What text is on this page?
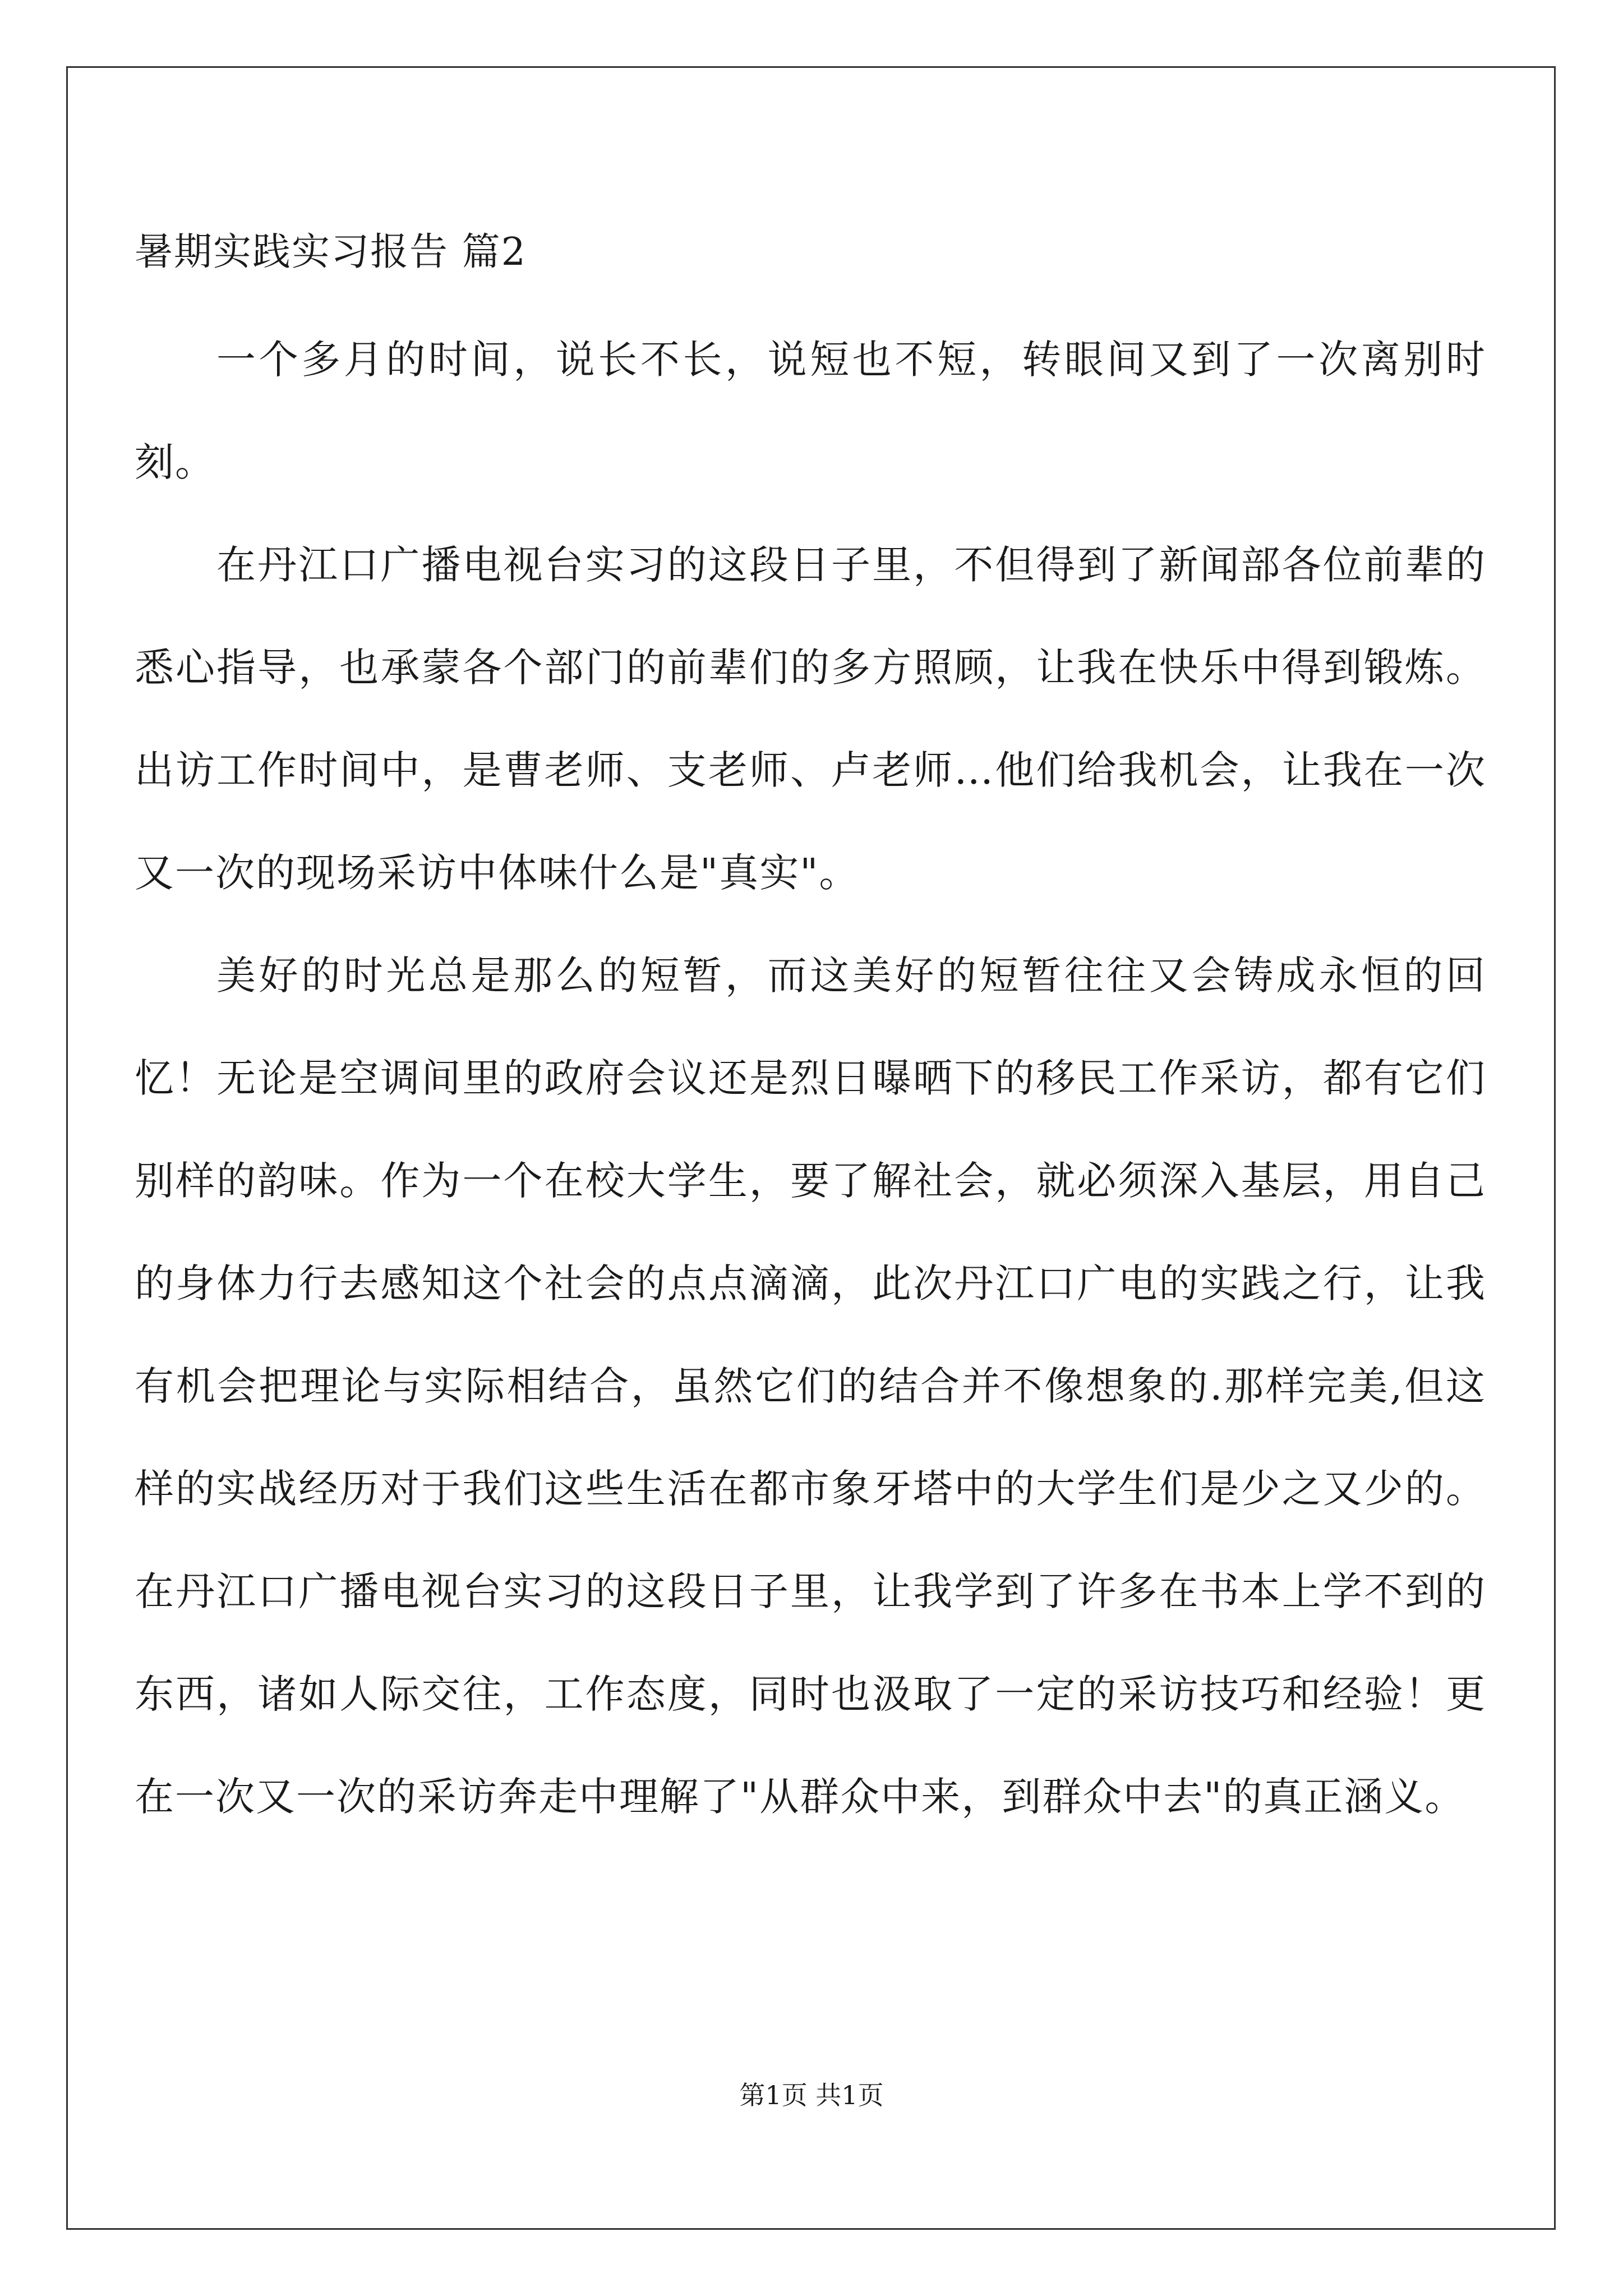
暑期实践实习报告 篇2

一个多月的时间，说长不长，说短也不短，转眼间又到了一次离别时刻。

在丹江口广播电视台实习的这段日子里，不但得到了新闻部各位前辈的悉心指导，也承蒙各个部门的前辈们的多方照顾，让我在快乐中得到锻炼。出访工作时间中，是曹老师、支老师、卢老师…他们给我机会，让我在一次又一次的现场采访中体味什么是"真实"。

美好的时光总是那么的短暂，而这美好的短暂往往又会铸成永恒的回忆！无论是空调间里的政府会议还是烈日曝晒下的移民工作采访，都有它们别样的韵味。作为一个在校大学生，要了解社会，就必须深入基层，用自己的身体力行去感知这个社会的点点滴滴，此次丹江口广电的实践之行，让我有机会把理论与实际相结合，虽然它们的结合并不像想象的.那样完美,但这样的实战经历对于我们这些生活在都市象牙塔中的大学生们是少之又少的。在丹江口广播电视台实习的这段日子里，让我学到了许多在书本上学不到的东西，诸如人际交往，工作态度，同时也汲取了一定的采访技巧和经验！更在一次又一次的采访奔走中理解了"从群众中来，到群众中去"的真正涵义。

第1页 共1页
